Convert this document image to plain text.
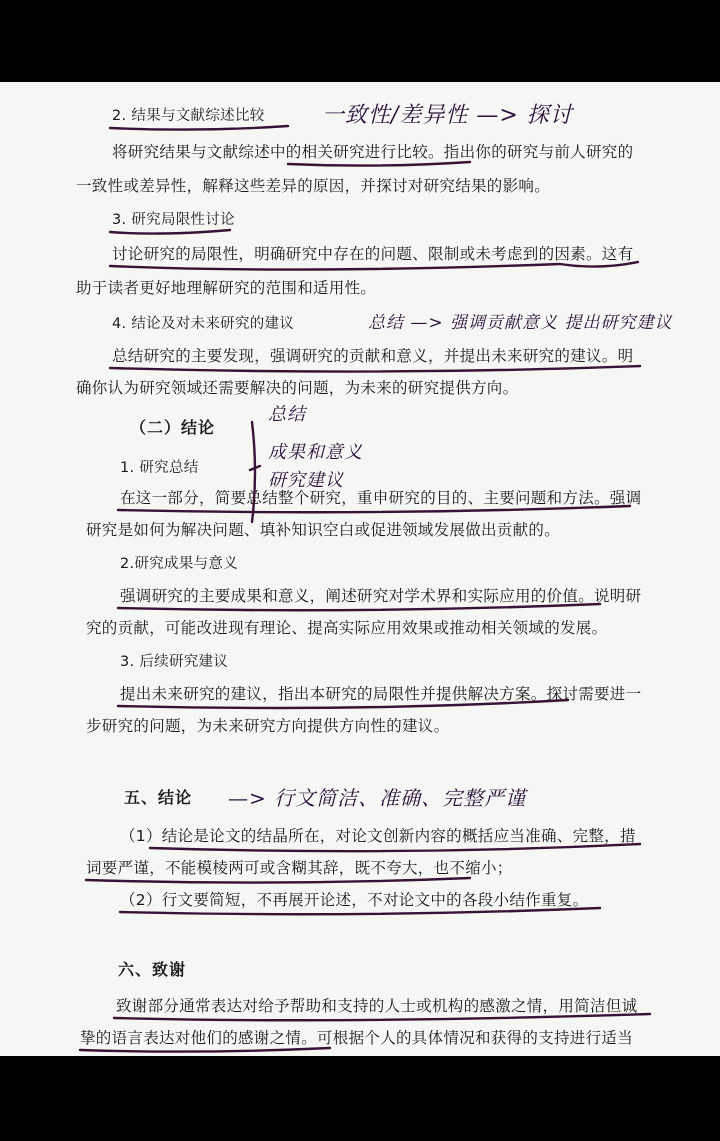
2. 结果与文献综述比较	一致性/差异性 —> 探讨
将研究结果与文献综述中的相关研究进行比较。指出你的研究与前人研究的
一致性或差异性，解释这些差异的原因，并探讨对研究结果的影响。
3. 研究局限性讨论
讨论研究的局限性，明确研究中存在的问题、限制或未考虑到的因素。这有
助于读者更好地理解研究的范围和适用性。
4. 结论及对未来研究的建议	总结 —> 强调贡献意义 提出研究建议
总结研究的主要发现，强调研究的贡献和意义，并提出未来研究的建议。明
确你认为研究领域还需要解决的问题，为未来的研究提供方向。
（二）结论
总结
成果和意义
研究建议
1. 研究总结
在这一部分，简要总结整个研究，重申研究的目的、主要问题和方法。强调
研究是如何为解决问题、填补知识空白或促进领域发展做出贡献的。
2.研究成果与意义
强调研究的主要成果和意义，阐述研究对学术界和实际应用的价值。说明研
究的贡献，可能改进现有理论、提高实际应用效果或推动相关领域的发展。
3. 后续研究建议
提出未来研究的建议，指出本研究的局限性并提供解决方案。探讨需要进一
步研究的问题，为未来研究方向提供方向性的建议。
五、结论 —> 行文简洁、准确、完整严谨
（1）结论是论文的结晶所在，对论文创新内容的概括应当准确、完整，措
词要严谨，不能模棱两可或含糊其辞，既不夸大，也不缩小；
（2）行文要简短，不再展开论述，不对论文中的各段小结作重复。
六、致谢
致谢部分通常表达对给予帮助和支持的人士或机构的感激之情，用简洁但诚
挚的语言表达对他们的感谢之情。可根据个人的具体情况和获得的支持进行适当
